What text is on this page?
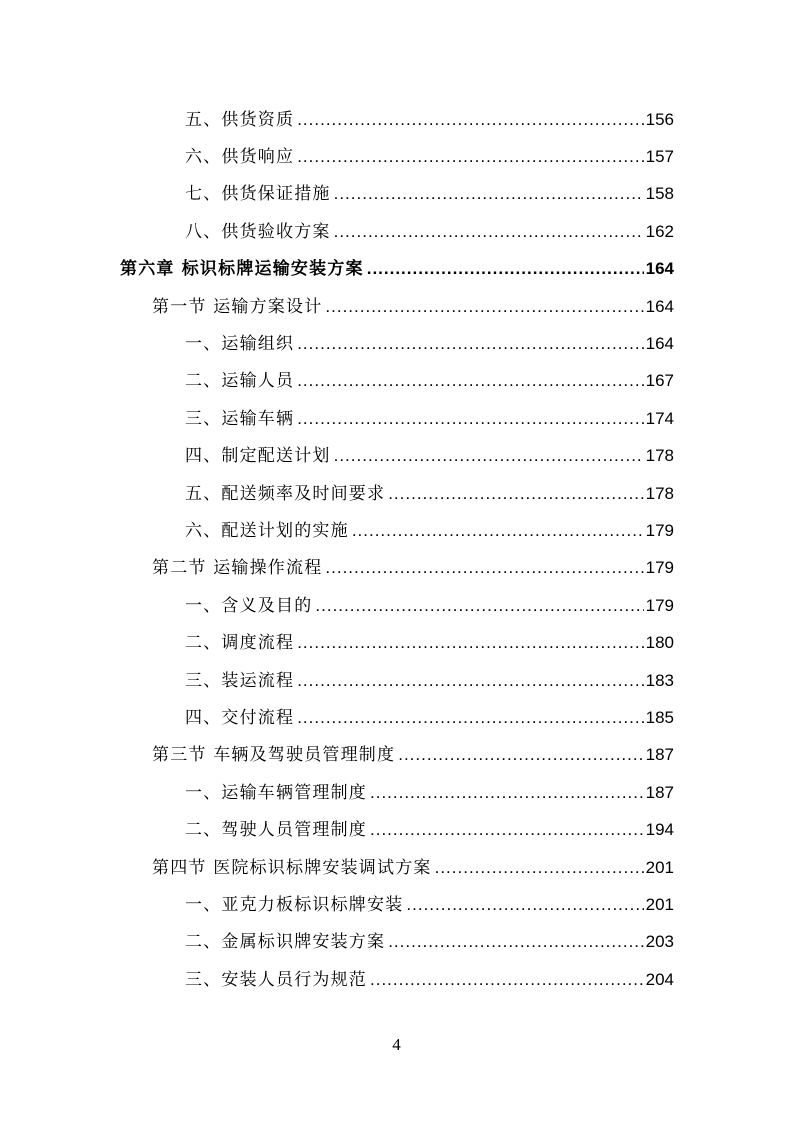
五、供货资质 .....	156
六、供货响应 .....	157
七、供货保证措施 .....	158
八、供货验收方案 .....	162
第六章 标识标牌运输安装方案 .....	164
第一节 运输方案设计 .....	164
一、运输组织 .....	164
二、运输人员 .....	167
三、运输车辆 .....	174
四、制定配送计划 .....	178
五、配送频率及时间要求 .....	178
六、配送计划的实施 .....	179
第二节 运输操作流程 .....	179
一、含义及目的 .....	179
二、调度流程 .....	180
三、装运流程 .....	183
四、交付流程 .....	185
第三节 车辆及驾驶员管理制度 .....	187
一、运输车辆管理制度 .....	187
二、驾驶人员管理制度 .....	194
第四节 医院标识标牌安装调试方案 .....	201
一、亚克力板标识标牌安装 .....	201
二、金属标识牌安装方案 .....	203
三、安装人员行为规范 .....	204
4
